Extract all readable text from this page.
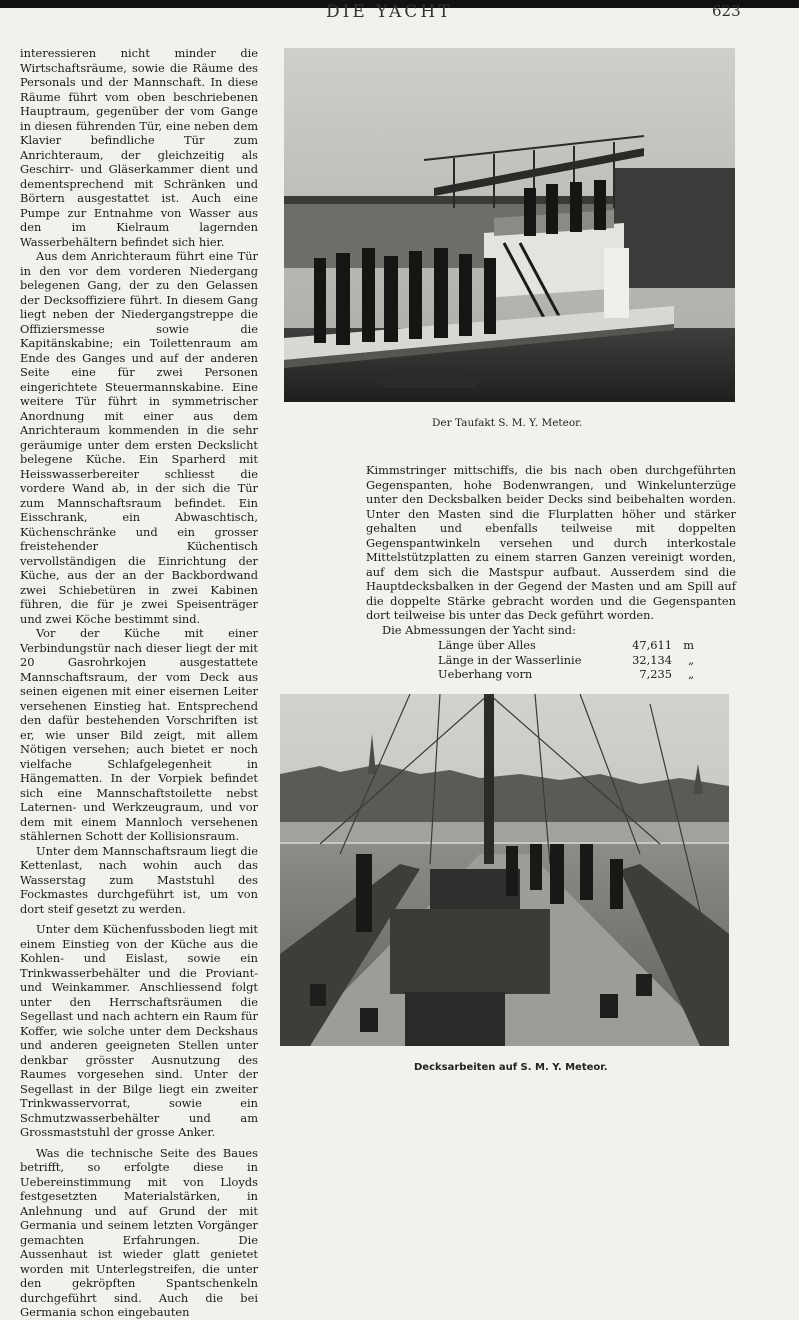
DIE YACHT	623

interessieren nicht minder die Wirtschaftsräume, sowie die Räume des Personals und der Mannschaft. In diese Räume führt vom oben beschriebenen Hauptraum, gegenüber der vom Gange in diesen führenden Tür, eine neben dem Klavier befindliche Tür zum Anrichteraum, der gleichzeitig als Geschirr- und Gläserkammer dient und dementsprechend mit Schränken und Börtern ausgestattet ist. Auch eine Pumpe zur Entnahme von Wasser aus den im Kielraum lagernden Wasserbehältern befindet sich hier.

Aus dem Anrichteraum führt eine Tür in den vor dem vorderen Niedergang belegenen Gang, der zu den Gelassen der Decksoffiziere führt. In diesem Gang liegt neben der Niedergangstreppe die Offiziersmesse sowie die Kapitänskabine; ein Toilettenraum am Ende des Ganges und auf der anderen Seite eine für zwei Personen eingerichtete Steuermannskabine. Eine weitere Tür führt in symmetrischer Anordnung mit einer aus dem Anrichteraum kommenden in die sehr geräumige unter dem ersten Deckslicht belegene Küche. Ein Sparherd mit Heisswasserbereiter schliesst die vordere Wand ab, in der sich die Tür zum Mannschaftsraum befindet. Ein Eisschrank, ein Abwaschtisch, Küchenschränke und ein grosser freistehender Küchentisch vervollständigen die Einrichtung der Küche, aus der an der Backbordwand zwei Schiebetüren in zwei Kabinen führen, die für je zwei Speisenträger und zwei Köche bestimmt sind.

Vor der Küche mit einer Verbindungstür nach dieser liegt der mit 20 Gasrohrkojen ausgestattete Mannschaftsraum, der vom Deck aus seinen eigenen mit einer eisernen Leiter versehenen Einstieg hat. Entsprechend den dafür bestehenden Vorschriften ist er, wie unser Bild zeigt, mit allem Nötigen versehen; auch bietet er noch vielfache Schlafgelegenheit in Hängematten. In der Vorpiek befindet sich eine Mannschaftstoilette nebst Laternen- und Werkzeugraum, und vor dem mit einem Mannloch versehenen stählernen Schott der Kollisionsraum.

Unter dem Mannschaftsraum liegt die Kettenlast, nach wohin auch das Wasserstag zum Maststuhl des Fockmastes durchgeführt ist, um von dort steif gesetzt zu werden.

Unter dem Küchenfussboden liegt mit einem Einstieg von der Küche aus die Kohlen- und Eislast, sowie ein Trinkwasserbehälter und die Proviant- und Weinkammer. Anschliessend folgt unter den Herrschaftsräumen die Segellast und nach achtern ein Raum für Koffer, wie solche unter dem Deckshaus und anderen geeigneten Stellen unter denkbar grösster Ausnutzung des Raumes vorgesehen sind. Unter der Segellast in der Bilge liegt ein zweiter Trinkwasservorrat, sowie ein Schmutzwasserbehälter und am Grossmaststuhl der grosse Anker.

Was die technische Seite des Baues betrifft, so erfolgte diese in Uebereinstimmung mit von Lloyds festgesetzten Materialstärken, in Anlehnung und auf Grund der mit Germania und seinem letzten Vorgänger gemachten Erfahrungen. Die Aussenhaut ist wieder glatt genietet worden mit Unterlegstreifen, die unter den gekröpften Spantschenkeln durchgeführt sind. Auch die bei Germania schon eingebauten

Der Taufakt S. M. Y. Meteor.

Kimmstringer mittschiffs, die bis nach oben durchgeführten Gegenspanten, hohe Bodenwrangen, und Winkelunterzüge unter den Decksbalken beider Decks sind beibehalten worden. Unter den Masten sind die Flurplatten höher und stärker gehalten und ebenfalls teilweise mit doppelten Gegenspantwinkeln versehen und durch interkostale Mittelstützplatten zu einem starren Ganzen vereinigt worden, auf dem sich die Mastspur aufbaut. Ausserdem sind die Hauptdecksbalken in der Gegend der Masten und am Spill auf die doppelte Stärke gebracht worden und die Gegenspanten dort teilweise bis unter das Deck geführt worden.

Die Abmessungen der Yacht sind:

Länge über Alles	47,611 m
Länge in der Wasserlinie	32,134	„
Ueberhang vorn	7,235	„
Decksarbeiten auf S. M. Y. Meteor.
